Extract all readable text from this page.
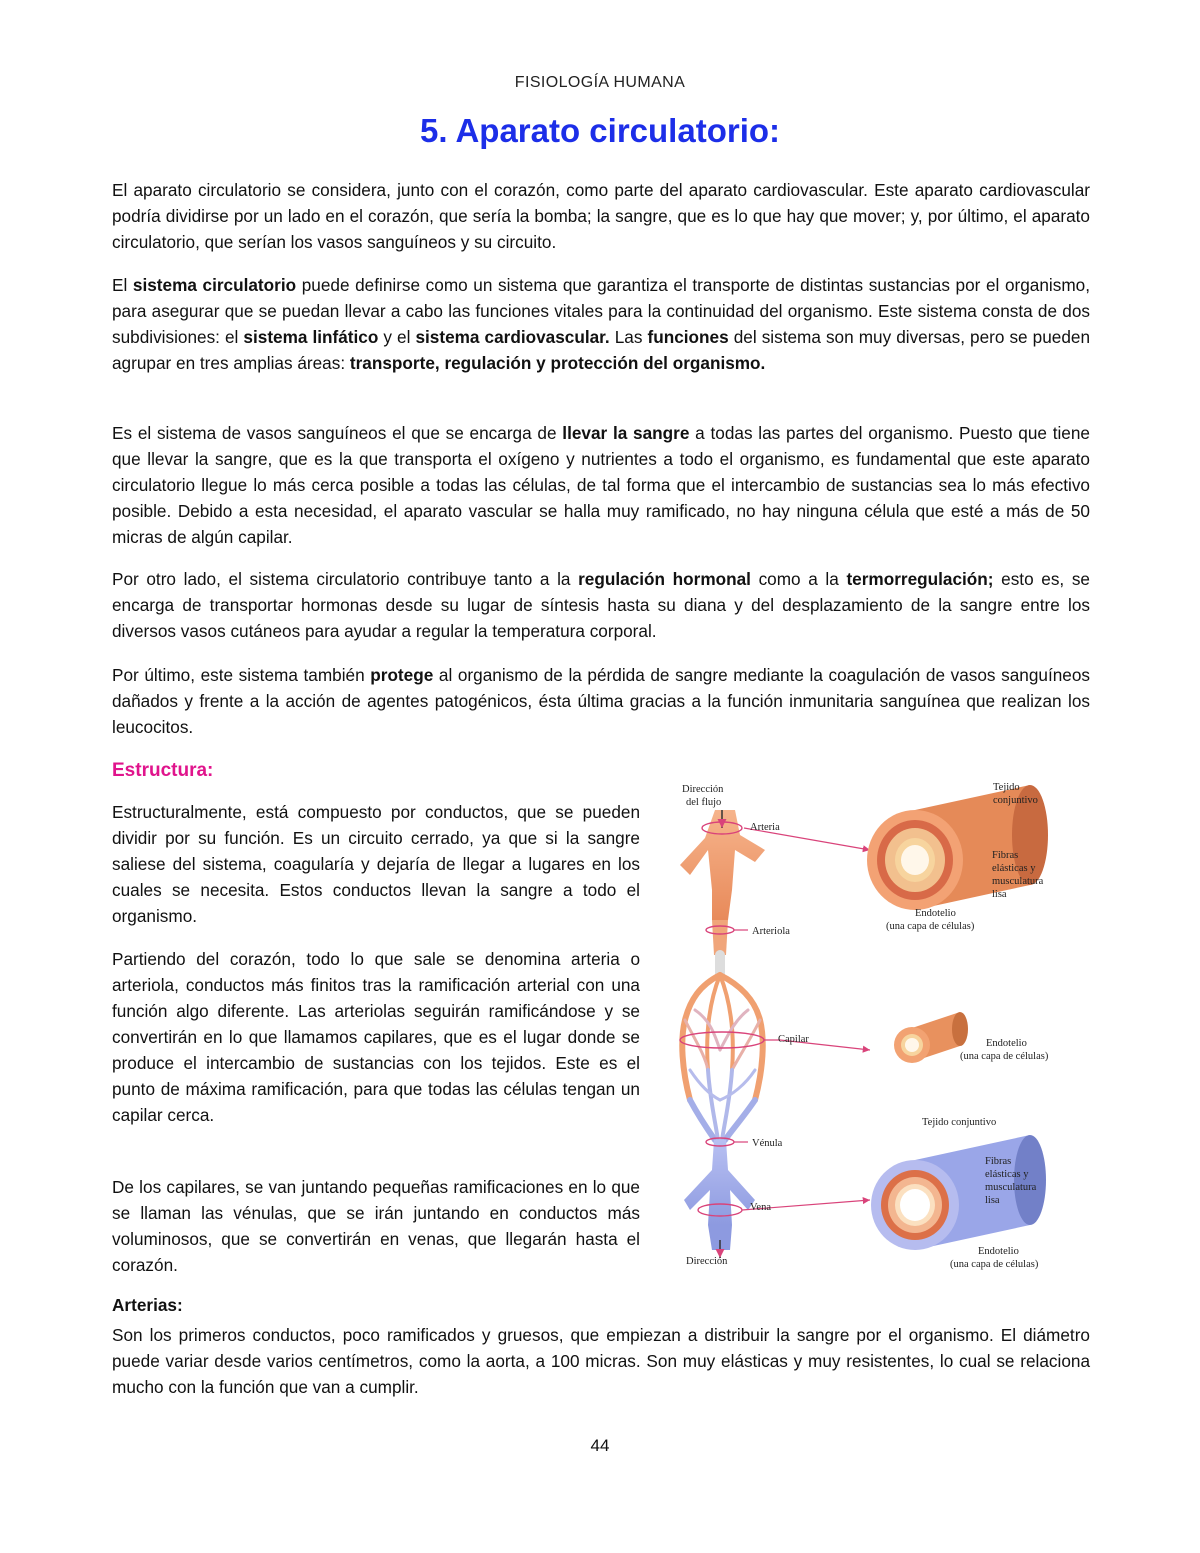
FISIOLOGÍA HUMANA
5. Aparato circulatorio:

El aparato circulatorio se considera, junto con el corazón, como parte del aparato cardiovascular. Este aparato cardiovascular podría dividirse por un lado en el corazón, que sería la bomba; la sangre, que es lo que hay que mover; y, por último, el aparato circulatorio, que serían los vasos sanguíneos y su circuito.

El sistema circulatorio puede definirse como un sistema que garantiza el transporte de distintas sustancias por el organismo, para asegurar que se puedan llevar a cabo las funciones vitales para la continuidad del organismo. Este sistema consta de dos subdivisiones: el sistema linfático y el sistema cardiovascular. Las funciones del sistema son muy diversas, pero se pueden agrupar en tres amplias áreas: transporte, regulación y protección del organismo.

Es el sistema de vasos sanguíneos el que se encarga de llevar la sangre a todas las partes del organismo. Puesto que tiene que llevar la sangre, que es la que transporta el oxígeno y nutrientes a todo el organismo, es fundamental que este aparato circulatorio llegue lo más cerca posible a todas las células, de tal forma que el intercambio de sustancias sea lo más efectivo posible. Debido a esta necesidad, el aparato vascular se halla muy ramificado, no hay ninguna célula que esté a más de 50 micras de algún capilar.

Por otro lado, el sistema circulatorio contribuye tanto a la regulación hormonal como a la termorregulación; esto es, se encarga de transportar hormonas desde su lugar de síntesis hasta su diana y del desplazamiento de la sangre entre los diversos vasos cutáneos para ayudar a regular la temperatura corporal.

Por último, este sistema también protege al organismo de la pérdida de sangre mediante la coagulación de vasos sanguíneos dañados y frente a la acción de agentes patogénicos, ésta última gracias a la función inmunitaria sanguínea que realizan los leucocitos.

Estructura:

Estructuralmente, está compuesto por conductos, que se pueden dividir por su función. Es un circuito cerrado, ya que si la sangre saliese del sistema, coagularía y dejaría de llegar a lugares en los cuales se necesita. Estos conductos llevan la sangre a todo el organismo.

Partiendo del corazón, todo lo que sale se denomina arteria o arteriola, conductos más finitos tras la ramificación arterial con una función algo diferente. Las arteriolas seguirán ramificándose y se convertirán en lo que llamamos capilares, que es el lugar donde se produce el intercambio de sustancias con los tejidos. Este es el punto de máxima ramificación, para que todas las células tengan un capilar cerca.

De los capilares, se van juntando pequeñas ramificaciones en lo que se llaman las vénulas, que se irán juntando en conductos más voluminosos, que se convertirán en venas, que llegarán hasta el corazón.

Dirección
del flujo
Arteria
Arteriola
Capilar
Vénula
Vena
Dirección
Tejido
conjuntivo
Fibras
elásticas y
musculatura
lisa
Endotelio
(una capa de células)
Endotelio
(una capa de células)
Tejido conjuntivo
Fibras
elásticas y
musculatura
lisa
Endotelio
(una capa de células)
Arterias:

Son los primeros conductos, poco ramificados y gruesos, que empiezan a distribuir la sangre por el organismo. El diámetro puede variar desde varios centímetros, como la aorta, a 100 micras. Son muy elásticas y muy resistentes, lo cual se relaciona mucho con la función que van a cumplir.

44
